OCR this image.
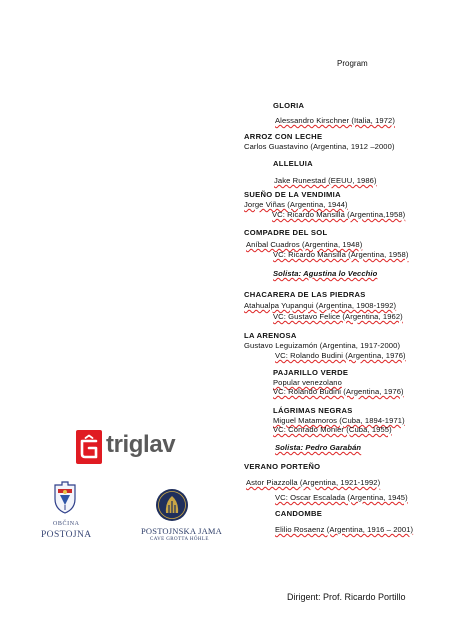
Program
GLORIA
Alessandro Kirschner (Italia, 1972)
ARROZ CON LECHE
Carlos Guastavino (Argentina, 1912 –2000)
ALLELUIA
Jake Runestad (EEUU, 1986)
SUEÑO DE LA VENDIMIA
Jorge Viñas (Argentina, 1944)
VC: Ricardo Mansilla (Argentina,1958)
COMPADRE DEL SOL
Aníbal Cuadros (Argentina, 1948)
VC: Ricardo Mansilla (Argentina, 1958)
Solista: Agustina lo Vecchio
CHACARERA DE LAS PIEDRAS
Atahualpa Yupanqui (Argentina, 1908-1992)
VC: Gustavo Felice (Argentina, 1962)
LA ARENOSA
Gustavo Leguizamón (Argentina, 1917-2000)
VC: Rolando Budini (Argentina, 1976)
PAJARILLO VERDE
Popular venezolano
VC: Rolando Budini (Argentina, 1976)
LÁGRIMAS NEGRAS
Miguel Matamoros (Cuba, 1894-1971)
VC: Conrado Monier (Cuba, 1955)
Solista: Pedro Garabán
VERANO PORTEÑO
Astor Piazzolla (Argentina, 1921-1992)
VC: Oscar Escalada (Argentina, 1945)
CANDOMBE
Elilio Rosaenz (Argentina, 1916 – 2001)
Dirigent: Prof. Ricardo Portillo
triglav
OBČINA
POSTOJNA	POSTOJNSKA JAMA
CAVE GROTTA HÖHLE
